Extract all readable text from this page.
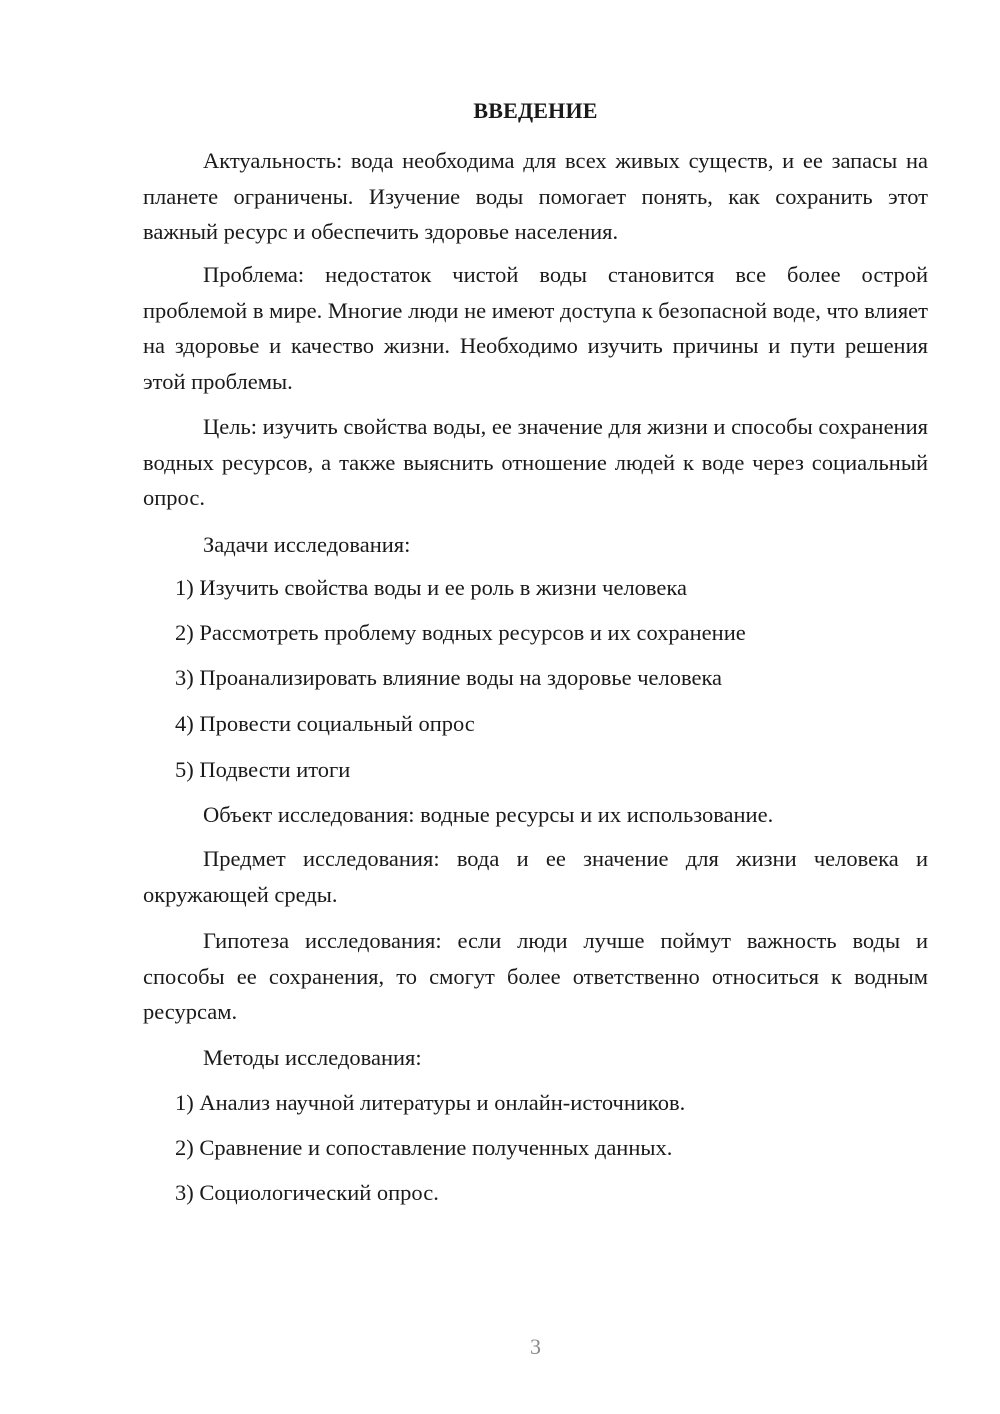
ВВЕДЕНИЕ

Актуальность: вода необходима для всех живых существ, и ее запасы на планете ограничены. Изучение воды помогает понять, как сохранить этот важный ресурс и обеспечить здоровье населения.

Проблема: недостаток чистой воды становится все более острой проблемой в мире. Многие люди не имеют доступа к безопасной воде, что влияет на здоровье и качество жизни. Необходимо изучить причины и пути решения этой проблемы.

Цель: изучить свойства воды, ее значение для жизни и способы сохранения водных ресурсов, а также выяснить отношение людей к воде через социальный опрос.

Задачи исследования:
1) Изучить свойства воды и ее роль в жизни человека
2) Рассмотреть проблему водных ресурсов и их сохранение
3) Проанализировать влияние воды на здоровье человека
4) Провести социальный опрос
5) Подвести итоги
Объект исследования: водные ресурсы и их использование.

Предмет исследования: вода и ее значение для жизни человека и окружающей среды.

Гипотеза исследования: если люди лучше поймут важность воды и способы ее сохранения, то смогут более ответственно относиться к водным ресурсам.

Методы исследования:
1) Анализ научной литературы и онлайн-источников.
2) Сравнение и сопоставление полученных данных.
3) Социологический опрос.
3
